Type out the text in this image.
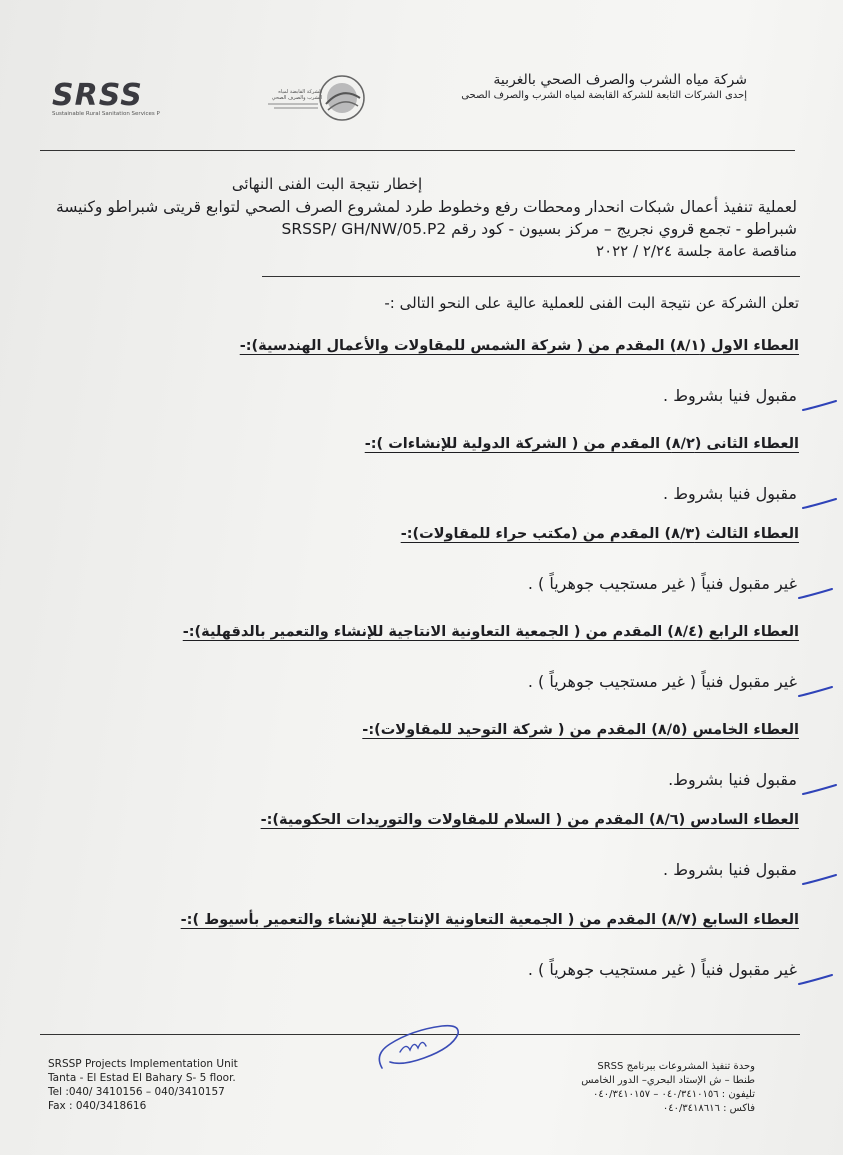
SRSS
Sustainable Rural Sanitation Services P
الشركة القابضة لمياه الشرب والصرف الصحي
شركة مياه الشرب والصرف الصحي بالغربية
إحدى الشركات التابعة للشركة القابضة لمياه الشرب والصرف الصحى
إخطار نتيجة البت الفنى النهائى
لعملية تنفيذ أعمال شبكات انحدار ومحطات رفع وخطوط طرد لمشروع الصرف الصحي لتوابع قريتى شبراطو وكنيسة
شبراطو - تجمع قروي نجريج – مركز بسيون - كود رقم SRSSP/ GH/NW/05.P2
مناقصة عامة جلسة ٢/٢٤ / ٢٠٢٢
تعلن الشركة عن نتيجة البت الفنى للعملية عالية على النحو التالى :-
العطاء الاول (٨/١) المقدم من ( شركة الشمس للمقاولات والأعمال الهندسية):-
مقبول فنيا بشروط .
العطاء الثانى (٨/٢) المقدم من ( الشركة الدولية للإنشاءات ):-
مقبول فنيا بشروط .
العطاء الثالث (٨/٣) المقدم من (مكتب حراء للمقاولات):-
غير مقبول فنياً ( غير مستجيب جوهرياً ) .
العطاء الرابع (٨/٤) المقدم من ( الجمعية التعاونية الانتاجية للإنشاء والتعمير بالدقهلية):-
غير مقبول فنياً ( غير مستجيب جوهرياً ) .
العطاء الخامس (٨/٥) المقدم من ( شركة التوحيد للمقاولات):-
مقبول فنيا بشروط.
العطاء السادس (٨/٦) المقدم من ( السلام للمقاولات والتوريدات الحكومية):-
مقبول فنيا بشروط .
العطاء السابع (٨/٧) المقدم من ( الجمعية التعاونية الإنتاجية للإنشاء والتعمير بأسيوط ):-
غير مقبول فنياً ( غير مستجيب جوهرياً ) .
SRSSP Projects Implementation Unit
Tanta - El Estad El Bahary S- 5 floor.
Tel :040/ 3410156 – 040/3410157
Fax : 040/3418616
وحدة تنفيذ المشروعات ببرنامج SRSS
طنطا – ش الإستاد البحري– الدور الخامس
تليفون : ٠٤٠/٣٤١٠١٥٦ – ٠٤٠/٣٤١٠١٥٧
فاكس : ٠٤٠/٣٤١٨٦١٦
